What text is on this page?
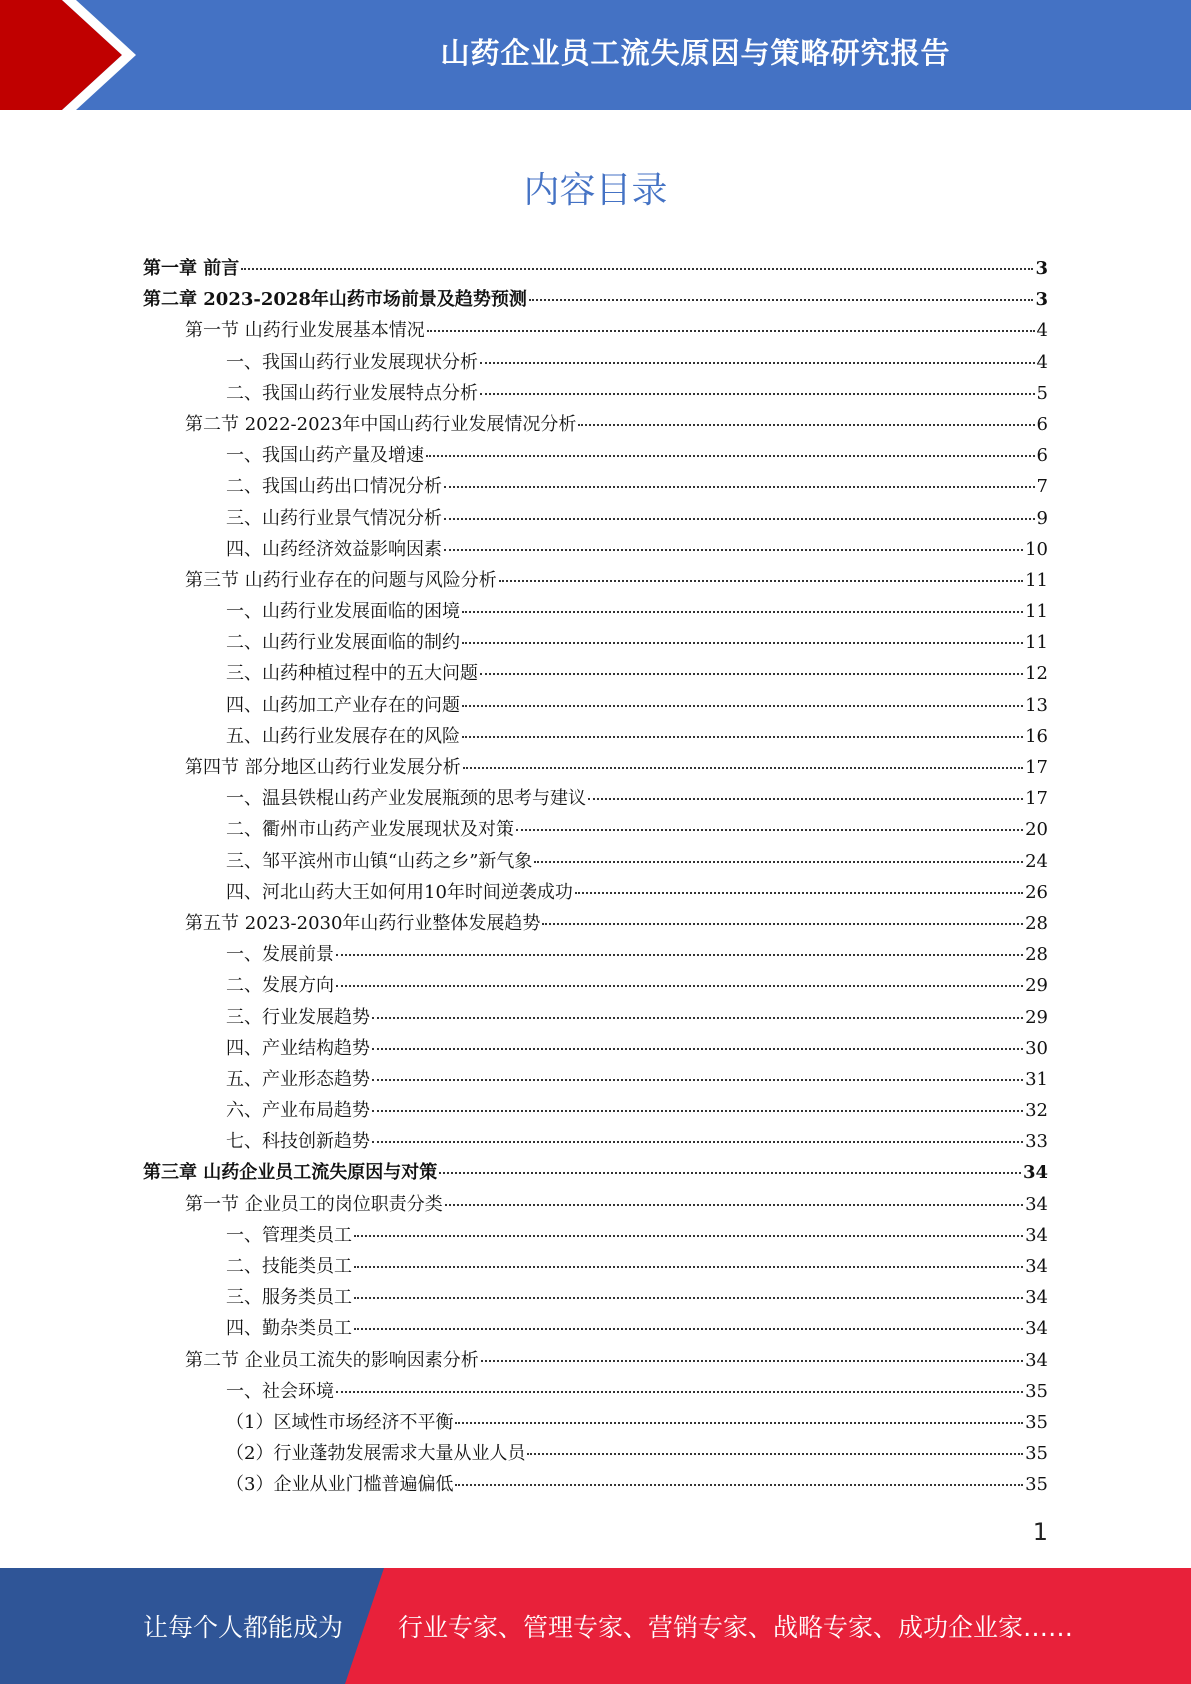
山药企业员工流失原因与策略研究报告
内容目录
第一章 前言	3
第二章 2023-2028年山药市场前景及趋势预测	3
第一节 山药行业发展基本情况	4
一、我国山药行业发展现状分析	4
二、我国山药行业发展特点分析	5
第二节 2022-2023年中国山药行业发展情况分析	6
一、我国山药产量及增速	6
二、我国山药出口情况分析	7
三、山药行业景气情况分析	9
四、山药经济效益影响因素	10
第三节 山药行业存在的问题与风险分析	11
一、山药行业发展面临的困境	11
二、山药行业发展面临的制约	11
三、山药种植过程中的五大问题	12
四、山药加工产业存在的问题	13
五、山药行业发展存在的风险	16
第四节 部分地区山药行业发展分析	17
一、温县铁棍山药产业发展瓶颈的思考与建议	17
二、衢州市山药产业发展现状及对策	20
三、邹平滨州市山镇“山药之乡”新气象	24
四、河北山药大王如何用10年时间逆袭成功	26
第五节 2023-2030年山药行业整体发展趋势	28
一、发展前景	28
二、发展方向	29
三、行业发展趋势	29
四、产业结构趋势	30
五、产业形态趋势	31
六、产业布局趋势	32
七、科技创新趋势	33
第三章 山药企业员工流失原因与对策	34
第一节 企业员工的岗位职责分类	34
一、管理类员工	34
二、技能类员工	34
三、服务类员工	34
四、勤杂类员工	34
第二节 企业员工流失的影响因素分析	34
一、社会环境	35
（1）区域性市场经济不平衡	35
（2）行业蓬勃发展需求大量从业人员	35
（3）企业从业门槛普遍偏低	35
1
让每个人都能成为 行业专家、管理专家、营销专家、战略专家、成功企业家……
